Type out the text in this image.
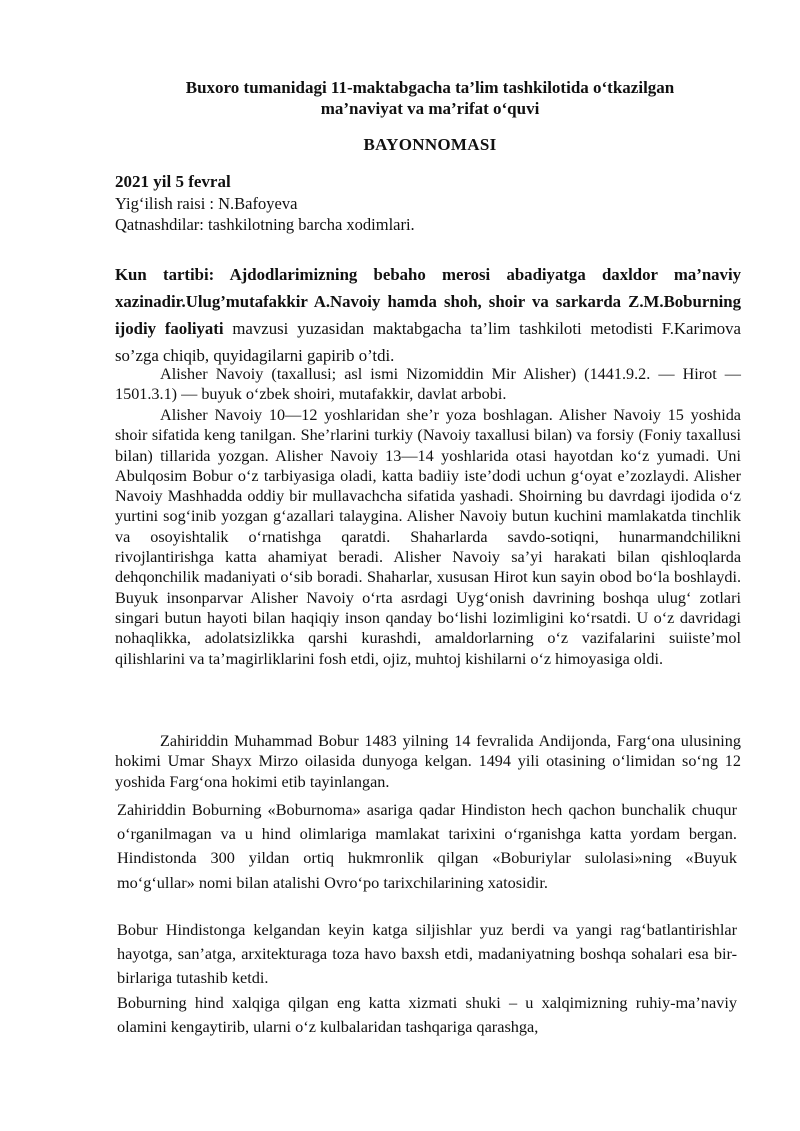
Buxoro tumanidagi 11-maktabgacha ta’lim tashkilotida o‘tkazilgan
ma’naviyat va ma’rifat o‘quvi
BAYONNOMASI
2021 yil 5 fevral
Yig‘ilish raisi : N.Bafoyeva
Qatnashdilar: tashkilotning barcha xodimlari.

Kun tartibi: Ajdodlarimizning bebaho merosi abadiyatga daxldor ma’naviy xazinadir.Ulug’mutafakkir A.Navoiy hamda shoh, shoir va sarkarda Z.M.Boburning ijodiy faoliyati mavzusi yuzasidan maktabgacha ta’lim tashkiloti metodisti F.Karimova so’zga chiqib, quyidagilarni gapirib o’tdi.

Alisher Navoiy (taxallusi; asl ismi Nizomiddin Mir Alisher) (1441.9.2. — Hirot — 1501.3.1) — buyuk o‘zbek shoiri, mutafakkir, davlat arbobi.

Alisher Navoiy 10—12 yoshlaridan she’r yoza boshlagan. Alisher Navoiy 15 yoshida shoir sifatida keng tanilgan. She’rlarini turkiy (Navoiy taxallusi bilan) va forsiy (Foniy taxallusi bilan) tillarida yozgan. Alisher Navoiy 13—14 yoshlarida otasi hayotdan ko‘z yumadi. Uni Abulqosim Bobur o‘z tarbiyasiga oladi, katta badiiy iste’dodi uchun g‘oyat e’zozlaydi. Alisher Navoiy Mashhadda oddiy bir mullavachcha sifatida yashadi. Shoirning bu davrdagi ijodida o‘z yurtini sog‘inib yozgan g‘azallari talaygina. Alisher Navoiy butun kuchini mamlakatda tinchlik va osoyishtalik o‘rnatishga qaratdi. Shaharlarda savdo-sotiqni, hunarmandchilikni rivojlantirishga katta ahamiyat beradi. Alisher Navoiy sa’yi harakati bilan qishloqlarda dehqonchilik madaniyati o‘sib boradi. Shaharlar, xususan Hirot kun sayin obod bo‘la boshlaydi. Buyuk insonparvar Alisher Navoiy o‘rta asrdagi Uyg‘onish davrining boshqa ulug‘ zotlari singari butun hayoti bilan haqiqiy inson qanday bo‘lishi lozimligini ko‘rsatdi. U o‘z davridagi nohaqlikka, adolatsizlikka qarshi kurashdi, amaldorlarning o‘z vazifalarini suiiste’mol qilishlarini va ta’magirliklarini fosh etdi, ojiz, muhtoj kishilarni o‘z himoyasiga oldi.

Zahiriddin Muhammad Bobur 1483 yilning 14 fevralida Andijonda, Farg‘ona ulusining hokimi Umar Shayx Mirzo oilasida dunyoga kelgan. 1494 yili otasining o‘limidan so‘ng 12 yoshida Farg‘ona hokimi etib tayinlangan.

Zahiriddin Boburning «Boburnoma» asariga qadar Hindiston hech qachon bunchalik chuqur o‘rganilmagan va u hind olimlariga mamlakat tarixini o‘rganishga katta yordam bergan. Hindistonda 300 yildan ortiq hukmronlik qilgan «Boburiylar sulolasi»ning «Buyuk mo‘g‘ullar» nomi bilan atalishi Ovro‘po tarixchilarining xatosidir.

Bobur Hindistonga kelgandan keyin katga siljishlar yuz berdi va yangi rag‘batlantirishlar hayotga, san’atga, arxitekturaga toza havo baxsh etdi, madaniyatning boshqa sohalari esa bir-birlariga tutashib ketdi.

Boburning hind xalqiga qilgan eng katta xizmati shuki – u xalqimizning ruhiy-ma’naviy olamini kengaytirib, ularni o‘z kulbalaridan tashqariga qarashga,
